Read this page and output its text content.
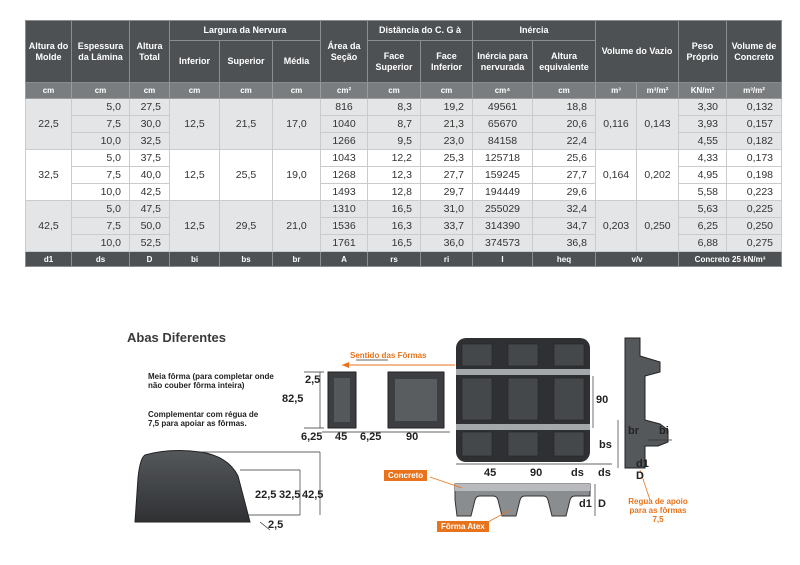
Altura do Molde	Espessura da Lâmina	Altura Total	Largura da Nervura			Área da Seção	Distância do C. G à		Inércia		Volume do Vazio		Peso Próprio	Volume de Concreto
			Inferior	Superior	Média		Face Superior	Face Inferior	Inércia para nervurada	Altura equivalente				
cm	cm	cm	cm	cm	cm	cm²	cm	cm	cm⁴	cm	m³	m³/m²	KN/m²	m³/m²
22,5	5,0	27,5	12,5	21,5	17,0	816	8,3	19,2	49561	18,8	0,116	0,143	3,30	0,132
	7,5	30,0				1040	8,7	21,3	65670	20,6			3,93	0,157
	10,0	32,5				1266	9,5	23,0	84158	22,4			4,55	0,182
32,5	5,0	37,5	12,5	25,5	19,0	1043	12,2	25,3	125718	25,6	0,164	0,202	4,33	0,173
	7,5	40,0				1268	12,3	27,7	159245	27,7			4,95	0,198
	10,0	42,5				1493	12,8	29,7	194449	29,6			5,58	0,223
42,5	5,0	47,5	12,5	29,5	21,0	1310	16,5	31,0	255029	32,4	0,203	0,250	5,63	0,225
	7,5	50,0				1536	16,3	33,7	314390	34,7			6,25	0,250
	10,0	52,5				1761	16,5	36,0	374573	36,8			6,88	0,275
d1	ds	D	bi	bs	br	A	rs	ri	I	heq	v/v		Concreto 25 kN/m³	
Abas Diferentes
Meia fôrma (para completar onde não couber fôrma inteira)
Complementar com régua de 7,5 para apoiar as fôrmas.
Sentido das Fôrmas
2,5
82,5
6,25 45 6,25 90
90
45	90	ds ds
bs
br bi
d1
D
d1 D
22,5 32,5 42,5
2,5
Concreto
Fôrma Atex
Regua de apoio para as fôrmas 7,5
